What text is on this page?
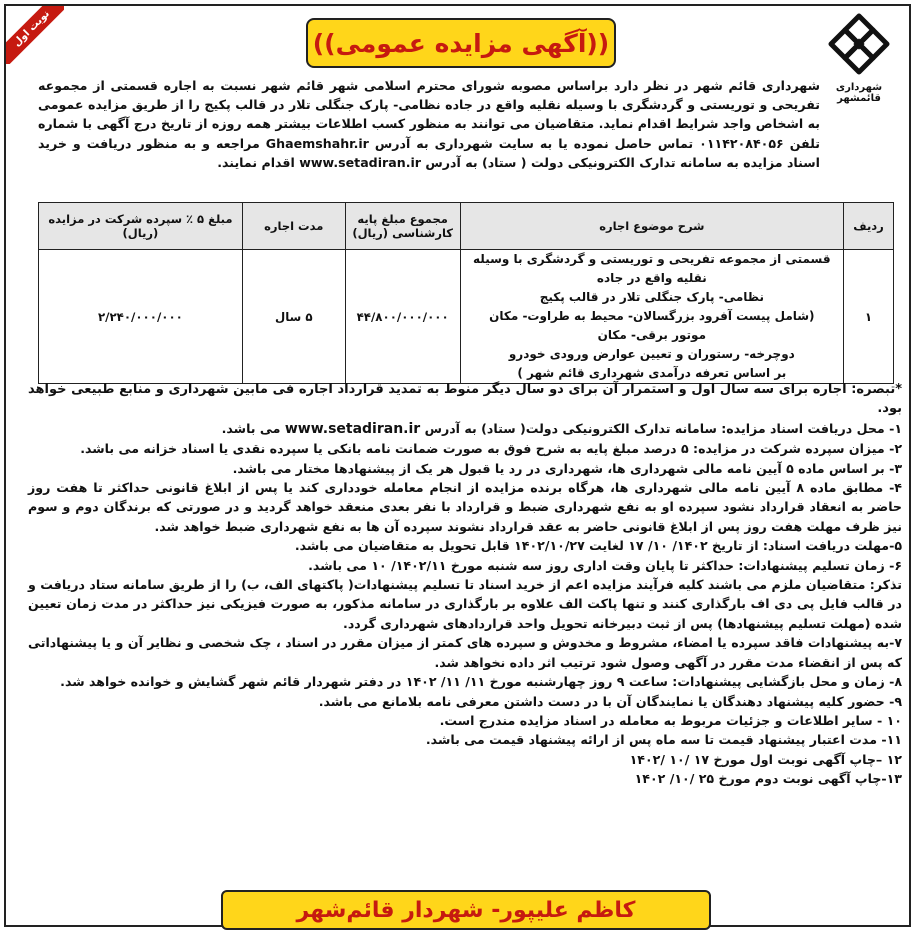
نوبت اول	((آگهی مزایده عمومی))
شهرداری قائمشهر
شهرداری قائم شهر در نظر دارد براساس مصوبه شورای محترم اسلامی شهر قائم شهر نسبت به اجاره قسمتی از مجموعه تفریحی و توریستی و گردشگری با وسیله نقلیه واقع در جاده نظامی- پارک جنگلی تلار در قالب پکیج را از طریق مزایده عمومی به اشخاص واجد شرایط اقدام نماید. متقاضیان می توانند به منظور کسب اطلاعات بیشتر همه روزه از تاریخ درج آگهی با شماره تلفن ۰۱۱۴۲۰۸۴۰۵۶ تماس حاصل نموده یا به سایت شهرداری به آدرس Ghaemshahr.ir مراجعه و به منظور دریافت و خرید اسناد مزایده به سامانه تدارک الکترونیکی دولت ( ستاد) به آدرس www.setadiran.ir اقدام نمایند.
ردیف	شرح موضوع اجاره	مجموع مبلغ پایه کارشناسی (ریال)	مدت اجاره	مبلغ ۵ ٪ سپرده شرکت در مزایده (ریال)
۱	قسمتی از مجموعه تفریحی و توریستی و گردشگری با وسیله نقلیه واقع در جاده
نظامی- پارک جنگلی تلار در قالب پکیج
(شامل پیست آفرود بزرگسالان- محیط به طراوت- مکان موتور برقی- مکان
دوچرخه- رستوران و تعیین عوارض ورودی خودرو
بر اساس تعرفه درآمدی شهرداری قائم شهر )	۴۴/۸۰۰/۰۰۰/۰۰۰	۵ سال	۲/۲۴۰/۰۰۰/۰۰۰

*تبصره: اجاره برای سه سال اول و استمرار آن برای دو سال دیگر منوط به تمدید قرارداد اجاره فی مابین شهرداری و منابع طبیعی خواهد بود.

۱- محل دریافت اسناد مزایده: سامانه تدارک الکترونیکی دولت( ستاد) به آدرس www.setadiran.ir می باشد.

۲- میزان سپرده شرکت در مزایده: ۵ درصد مبلغ پایه به شرح فوق به صورت ضمانت نامه بانکی یا سپرده نقدی یا اسناد خزانه می باشد.

۳- بر اساس ماده ۵ آیین نامه مالی شهرداری ها، شهرداری در رد یا قبول هر یک از پیشنهادها مختار می باشد.

۴- مطابق ماده ۸ آیین نامه مالی شهرداری ها، هرگاه برنده مزایده از انجام معامله خودداری کند یا پس از ابلاغ قانونی حداکثر تا هفت روز حاضر به انعقاد قرارداد نشود سپرده او به نفع شهرداری ضبط و قرارداد با نفر بعدی منعقد خواهد گردید و در صورتی که برندگان دوم و سوم نیز ظرف مهلت هفت روز پس از ابلاغ قانونی حاضر به عقد قرارداد نشوند سپرده آن ها به نفع شهرداری ضبط خواهد شد.

۵-مهلت دریافت اسناد: از تاریخ ۱۴۰۲/ ۱۰/ ۱۷ لغایت ۱۴۰۲/۱۰/۲۷ قابل تحویل به متقاضیان می باشد.

۶- زمان تسلیم پیشنهادات: حداکثر تا پایان وقت اداری روز سه شنبه مورخ ۱۴۰۲/۱۱/ ۱۰ می باشد.

تذکر: متقاضیان ملزم می باشند کلیه فرآیند مزایده اعم از خرید اسناد تا تسلیم پیشنهادات( پاکتهای الف، ب) را از طریق سامانه ستاد دریافت و در قالب فایل پی دی اف بارگذاری کنند و تنها پاکت الف علاوه بر بارگذاری در سامانه مذکور، به صورت فیزیکی نیز حداکثر در مدت زمان تعیین شده (مهلت تسلیم پیشنهادها) پس از ثبت دبیرخانه تحویل واحد قراردادهای شهرداری گردد.

۷-به پیشنهادات فاقد سپرده یا امضاء، مشروط و مخدوش و سپرده های کمتر از میزان مقرر در اسناد ، چک شخصی و نظایر آن و یا پیشنهاداتی که پس از انقضاء مدت مقرر در آگهی وصول شود ترتیب اثر داده نخواهد شد.

۸- زمان و محل بازگشایی پیشنهادات: ساعت ۹ روز چهارشنبه مورخ ۱۱/ ۱۱/ ۱۴۰۲ در دفتر شهردار قائم شهر گشایش و خوانده خواهد شد.

۹- حضور کلیه پیشنهاد دهندگان یا نمایندگان آن با در دست داشتن معرفی نامه بلامانع می باشد.

۱۰ - سایر اطلاعات و جزئیات مربوط به معامله در اسناد مزایده مندرج است.

۱۱- مدت اعتبار پیشنهاد قیمت تا سه ماه پس از ارائه پیشنهاد قیمت می باشد.

۱۲ –چاپ آگهی نوبت اول مورخ ۱۷ /۱۰ /۱۴۰۲

۱۳-چاپ آگهی نوبت دوم مورخ ۲۵ /۱۰/ ۱۴۰۲

کاظم علیپور- شهردار قائم‌شهر
